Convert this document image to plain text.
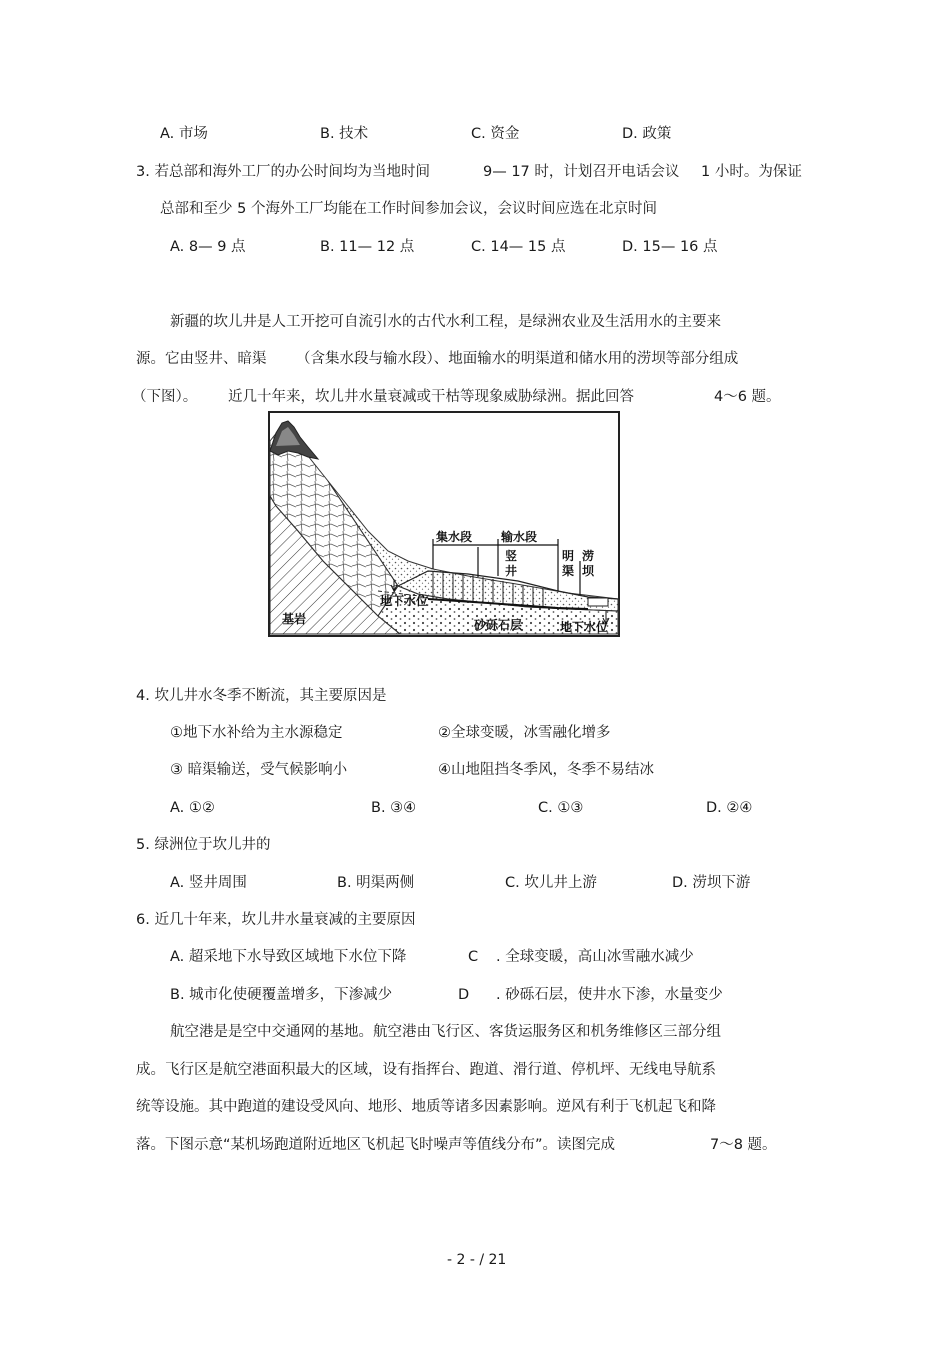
A. 市场	B. 技术	C. 资金	D. 政策
3. 若总部和海外工厂的办公时间均为当地时间	9— 17 时，计划召开电话会议 1 小时。为保证
总部和至少 5 个海外工厂均能在工作时间参加会议，会议时间应选在北京时间
A. 8— 9 点	B. 11— 12 点	C. 14— 15 点	D. 15— 16 点
新疆的坎儿井是人工开挖可自流引水的古代水利工程，是绿洲农业及生活用水的主要来
源。它由竖井、暗渠 （含集水段与输水段）、地面输水的明渠道和储水用的涝坝等部分组成
（下图）。 近几十年来，坎儿井水量衰减或干枯等现象威胁绿洲。据此回答	4～6 题。
集水段 输水段
竖
井
明
渠
涝
坝
基岩
地下水位
砂砾石层	地下水位
4. 坎儿井水冬季不断流，其主要原因是
①地下水补给为主水源稳定	②全球变暖，冰雪融化增多
③ 暗渠输送，受气候影响小	④山地阻挡冬季风，冬季不易结冰
A. ①②	B. ③④	C. ①③	D. ②④
5. 绿洲位于坎儿井的
A. 竖井周围	B. 明渠两侧	C. 坎儿井上游	D. 涝坝下游
6. 近几十年来，坎儿井水量衰减的主要原因
A. 超采地下水导致区域地下水位下降	C . 全球变暖，高山冰雪融水减少
B. 城市化使硬覆盖增多，下渗减少	D . 砂砾石层，使井水下渗，水量变少
航空港是是空中交通网的基地。航空港由飞行区、客货运服务区和机务维修区三部分组
成。飞行区是航空港面积最大的区域，设有指挥台、跑道、滑行道、停机坪、无线电导航系
统等设施。其中跑道的建设受风向、地形、地质等诸多因素影响。逆风有利于飞机起飞和降
落。下图示意“某机场跑道附近地区飞机起飞时噪声等值线分布”。读图完成	7～8 题。
- 2 - / 21
